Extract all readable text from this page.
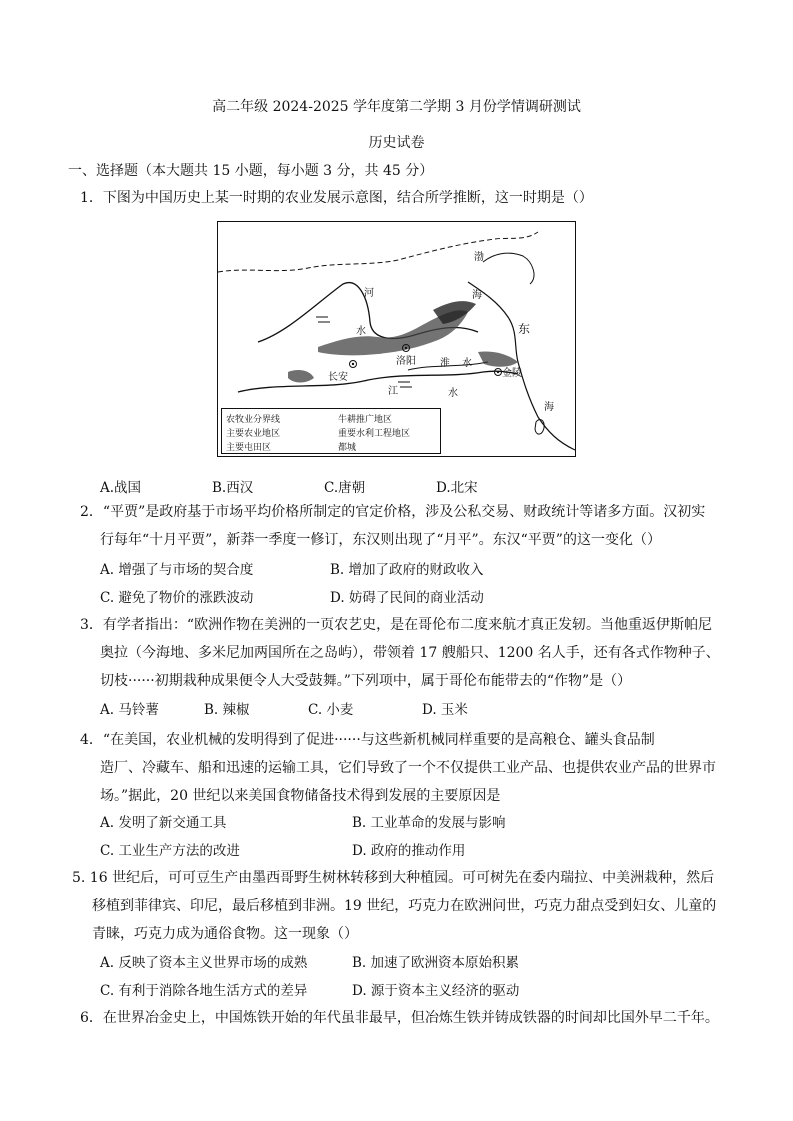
高二年级 2024-2025 学年度第二学期 3 月份学情调研测试
历史试卷
一、选择题（本大题共 15 小题，每小题 3 分，共 45 分）
1．下图为中国历史上某一时期的农业发展示意图，结合所学推断，这一时期是（）
渤
海
河
水	东
长安
洛阳 淮 水
江	水
金陵
海
农牧业分界线	牛耕推广地区
主要农业地区	重要水利工程地区
主要屯田区	都城
A.战国	B.西汉	C.唐朝	D.北宋
2．“平贾”是政府基于市场平均价格所制定的官定价格，涉及公私交易、财政统计等诸多方面。汉初实
行每年“十月平贾”，新莽一季度一修订，东汉则出现了“月平”。东汉“平贾”的这一变化（）
A. 增强了与市场的契合度	B. 增加了政府的财政收入
C. 避免了物价的涨跌波动	D. 妨碍了民间的商业活动
3．有学者指出：“欧洲作物在美洲的一页农艺史，是在哥伦布二度来航才真正发轫。当他重返伊斯帕尼
奥拉（今海地、多米尼加两国所在之岛屿），带领着 17 艘船只、1200 名人手，还有各式作物种子、
切枝······初期栽种成果便令人大受鼓舞。”下列项中，属于哥伦布能带去的“作物”是（）
A. 马铃薯	B. 辣椒	C. 小麦	D. 玉米
4．“在美国，农业机械的发明得到了促进······与这些新机械同样重要的是高粮仓、罐头食品制
造厂、冷藏车、船和迅速的运输工具，它们导致了一个不仅提供工业产品、也提供农业产品的世界市
场。”据此，20 世纪以来美国食物储备技术得到发展的主要原因是
A. 发明了新交通工具	B. 工业革命的发展与影响
C. 工业生产方法的改进	D. 政府的推动作用
5. 16 世纪后，可可豆生产由墨西哥野生树林转移到大种植园。可可树先在委内瑞拉、中美洲栽种，然后
移植到菲律宾、印尼，最后移植到非洲。19 世纪，巧克力在欧洲问世，巧克力甜点受到妇女、儿童的
青睐，巧克力成为通俗食物。这一现象（）
A. 反映了资本主义世界市场的成熟	B. 加速了欧洲资本原始积累
C. 有利于消除各地生活方式的差异	D. 源于资本主义经济的驱动
6．在世界冶金史上，中国炼铁开始的年代虽非最早，但冶炼生铁并铸成铁器的时间却比国外早二千年。
